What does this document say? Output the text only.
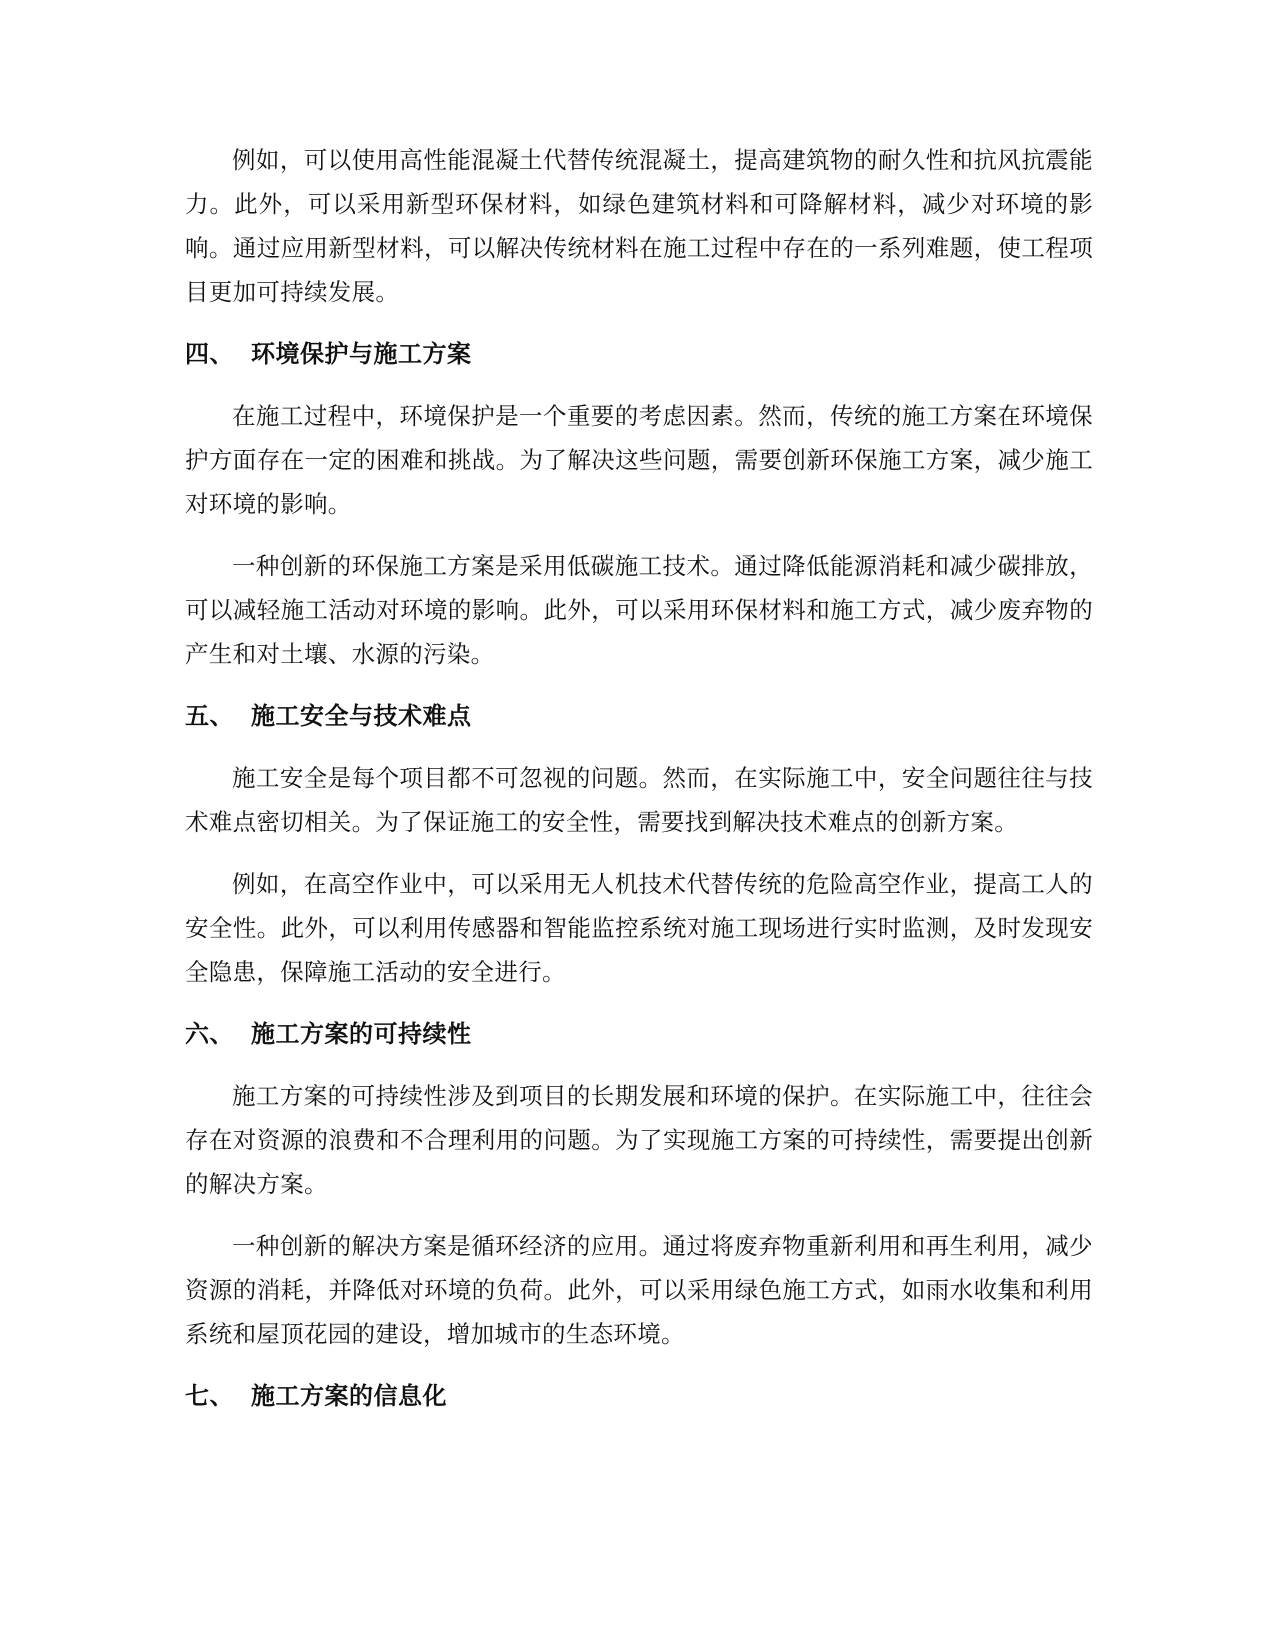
例如，可以使用高性能混凝土代替传统混凝土，提高建筑物的耐久性和抗风抗震能力。此外，可以采用新型环保材料，如绿色建筑材料和可降解材料，减少对环境的影响。通过应用新型材料，可以解决传统材料在施工过程中存在的一系列难题，使工程项目更加可持续发展。

四、 环境保护与施工方案

在施工过程中，环境保护是一个重要的考虑因素。然而，传统的施工方案在环境保护方面存在一定的困难和挑战。为了解决这些问题，需要创新环保施工方案，减少施工对环境的影响。

一种创新的环保施工方案是采用低碳施工技术。通过降低能源消耗和减少碳排放，可以减轻施工活动对环境的影响。此外，可以采用环保材料和施工方式，减少废弃物的产生和对土壤、水源的污染。

五、 施工安全与技术难点

施工安全是每个项目都不可忽视的问题。然而，在实际施工中，安全问题往往与技术难点密切相关。为了保证施工的安全性，需要找到解决技术难点的创新方案。

例如，在高空作业中，可以采用无人机技术代替传统的危险高空作业，提高工人的安全性。此外，可以利用传感器和智能监控系统对施工现场进行实时监测，及时发现安全隐患，保障施工活动的安全进行。

六、 施工方案的可持续性

施工方案的可持续性涉及到项目的长期发展和环境的保护。在实际施工中，往往会存在对资源的浪费和不合理利用的问题。为了实现施工方案的可持续性，需要提出创新的解决方案。

一种创新的解决方案是循环经济的应用。通过将废弃物重新利用和再生利用，减少资源的消耗，并降低对环境的负荷。此外，可以采用绿色施工方式，如雨水收集和利用系统和屋顶花园的建设，增加城市的生态环境。

七、 施工方案的信息化
